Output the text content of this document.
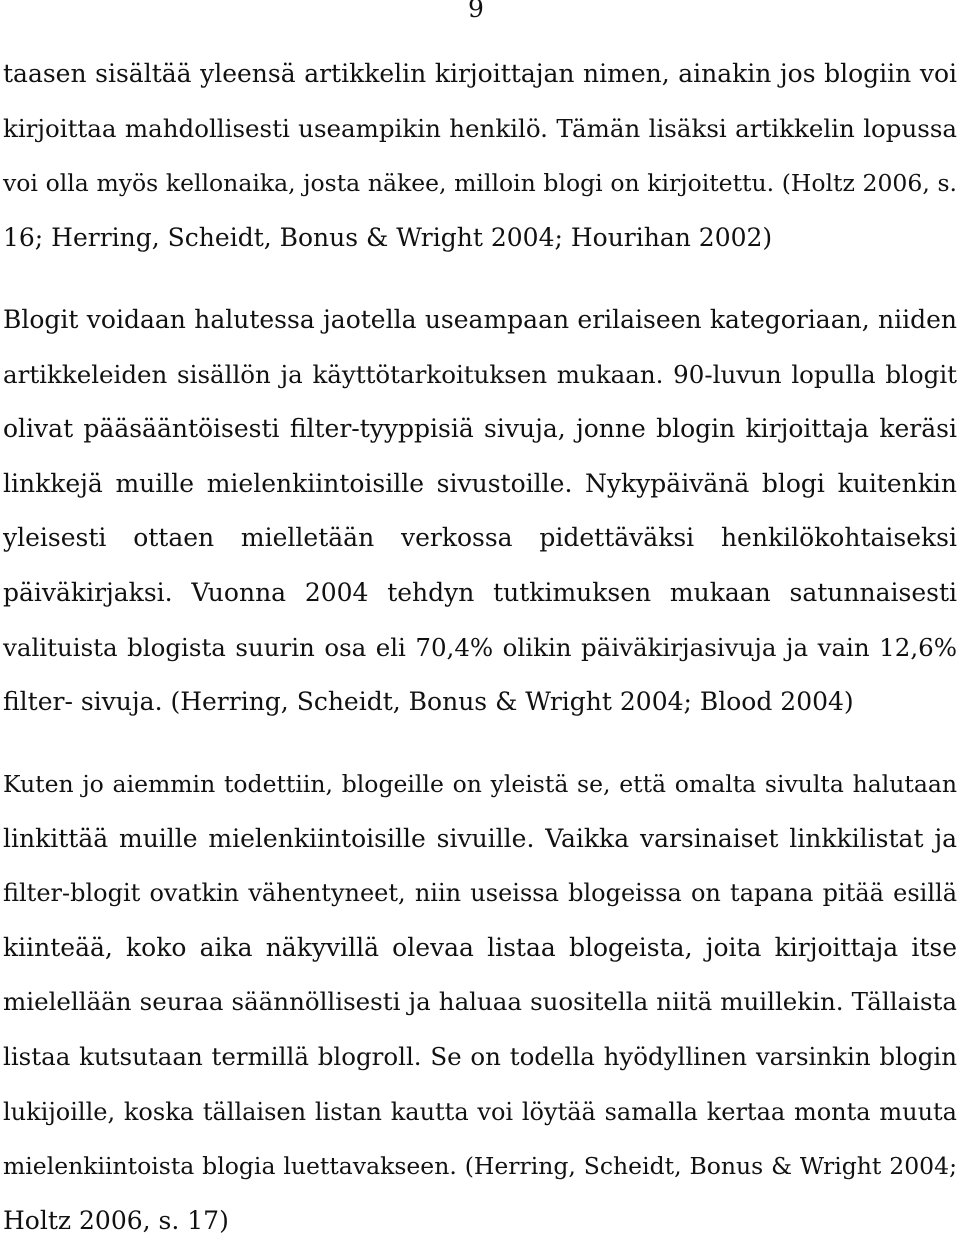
9
taasen sisältää yleensä artikkelin kirjoittajan nimen, ainakin jos blogiin voi
kirjoittaa mahdollisesti useampikin henkilö. Tämän lisäksi artikkelin lopussa
voi olla myös kellonaika, josta näkee, milloin blogi on kirjoitettu. (Holtz 2006, s.
16; Herring, Scheidt, Bonus & Wright 2004; Hourihan 2002)
Blogit voidaan halutessa jaotella useampaan erilaiseen kategoriaan, niiden
artikkeleiden sisällön ja käyttötarkoituksen mukaan. 90-luvun lopulla blogit
olivat pääsääntöisesti filter-tyyppisiä sivuja, jonne blogin kirjoittaja keräsi
linkkejä muille mielenkiintoisille sivustoille. Nykypäivänä blogi kuitenkin
yleisesti ottaen mielletään verkossa pidettäväksi henkilökohtaiseksi
päiväkirjaksi. Vuonna 2004 tehdyn tutkimuksen mukaan satunnaisesti
valituista blogista suurin osa eli 70,4% olikin päiväkirjasivuja ja vain 12,6%
filter- sivuja. (Herring, Scheidt, Bonus & Wright 2004; Blood 2004)
Kuten jo aiemmin todettiin, blogeille on yleistä se, että omalta sivulta halutaan
linkittää muille mielenkiintoisille sivuille. Vaikka varsinaiset linkkilistat ja
filter-blogit ovatkin vähentyneet, niin useissa blogeissa on tapana pitää esillä
kiinteää, koko aika näkyvillä olevaa listaa blogeista, joita kirjoittaja itse
mielellään seuraa säännöllisesti ja haluaa suositella niitä muillekin. Tällaista
listaa kutsutaan termillä blogroll. Se on todella hyödyllinen varsinkin blogin
lukijoille, koska tällaisen listan kautta voi löytää samalla kertaa monta muuta
mielenkiintoista blogia luettavakseen. (Herring, Scheidt, Bonus & Wright 2004;
Holtz 2006, s. 17)
